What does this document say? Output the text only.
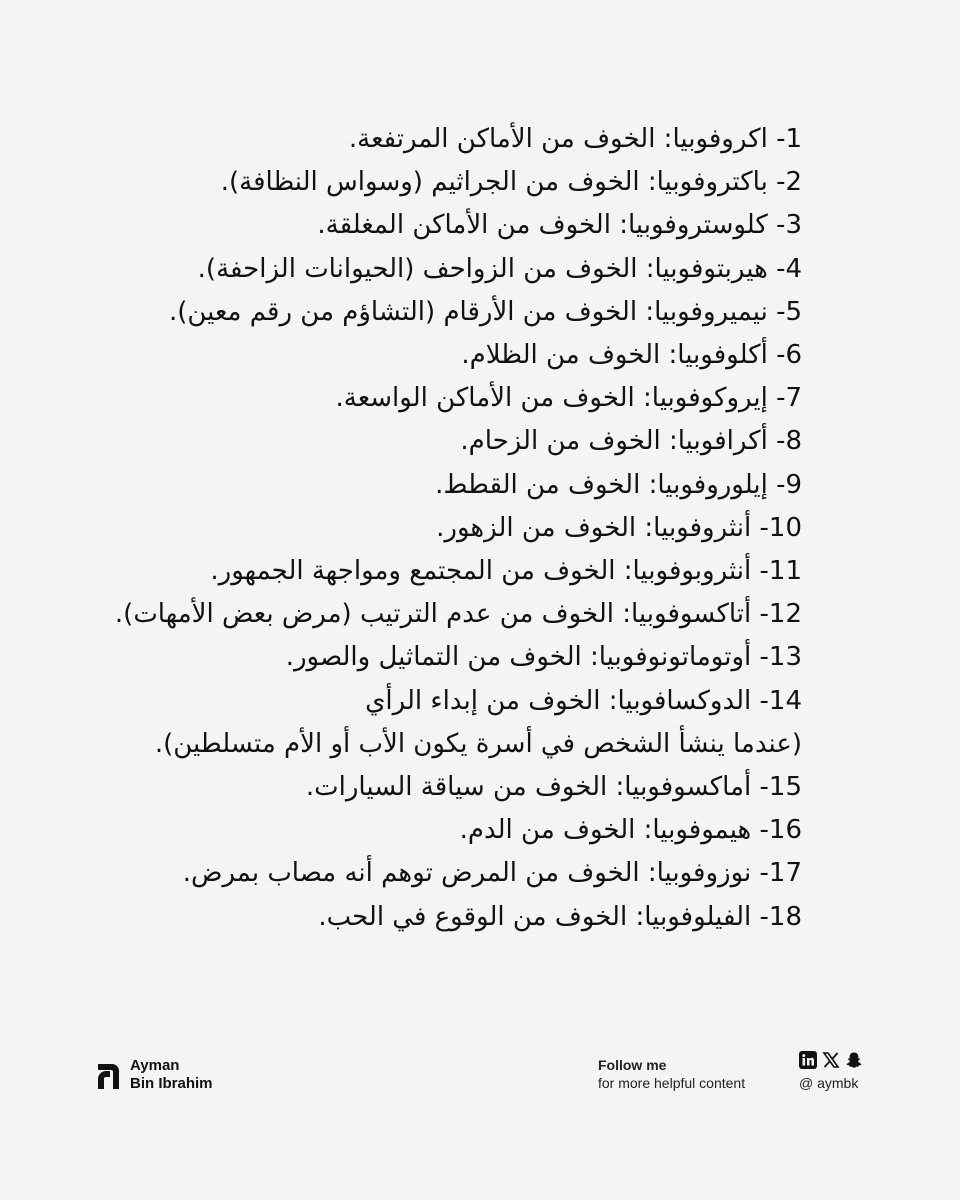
1- اكروفوبيا: الخوف من الأماكن المرتفعة.
2- باكتروفوبيا: الخوف من الجراثيم (وسواس النظافة).
3- كلوستروفوبيا: الخوف من الأماكن المغلقة.
4- هيربتوفوبيا: الخوف من الزواحف (الحيوانات الزاحفة).
5- نيميروفوبيا: الخوف من الأرقام (التشاؤم من رقم معين).
6- أكلوفوبيا: الخوف من الظلام.
7- إيروكوفوبيا: الخوف من الأماكن الواسعة.
8- أكرافوبيا: الخوف من الزحام.
9- إيلوروفوبيا: الخوف من القطط.
10- أنثروفوبيا: الخوف من الزهور.
11- أنثروبوفوبيا: الخوف من المجتمع ومواجهة الجمهور.
12- أتاكسوفوبيا: الخوف من عدم الترتيب (مرض بعض الأمهات).
13- أوتوماتونوفوبيا: الخوف من التماثيل والصور.
14- الدوكسافوبيا: الخوف من إبداء الرأي
(عندما ينشأ الشخص في أسرة يكون الأب أو الأم متسلطين).
15- أماكسوفوبيا: الخوف من سياقة السيارات.
16- هيموفوبيا: الخوف من الدم.
17- نوزوفوبيا: الخوف من المرض توهم أنه مصاب بمرض.
18- الفيلوفوبيا: الخوف من الوقوع في الحب.
Ayman
Bin Ibrahim
Follow me
for more helpful content	@ aymbk
